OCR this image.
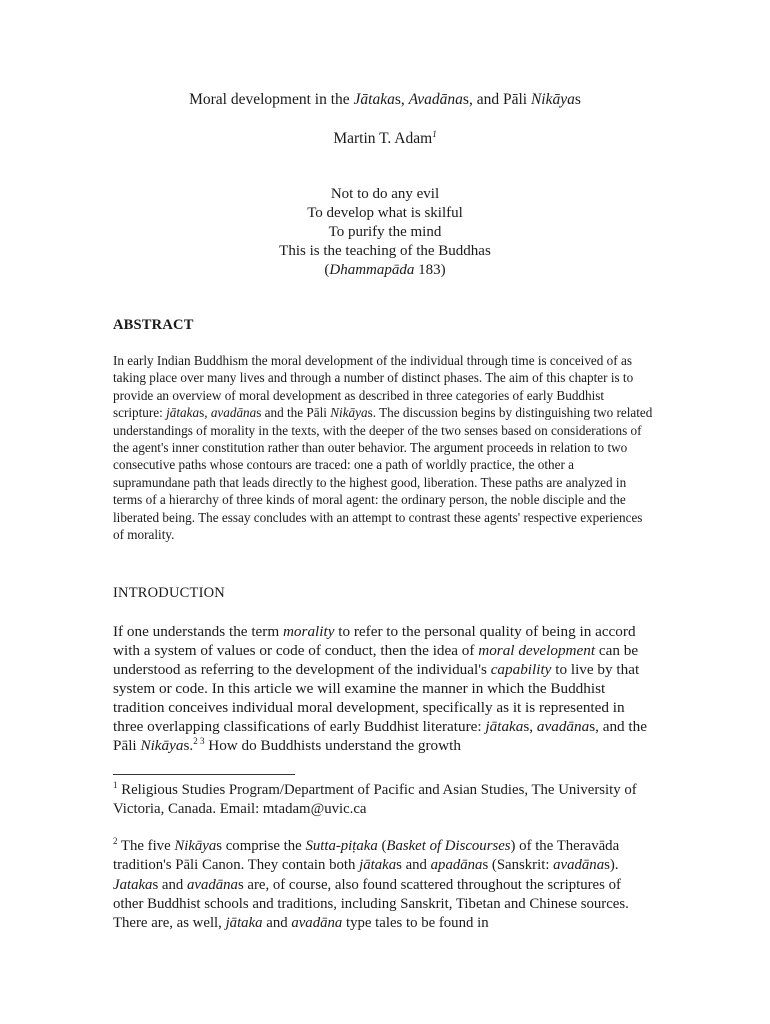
Moral development in the Jātakas, Avadānas, and Pāli Nikāyas
Martin T. Adam$^1$
Not to do any evil
To develop what is skilful
To purify the mind
This is the teaching of the Buddhas
(Dhammapāda 183)
ABSTRACT
In early Indian Buddhism the moral development of the individual through time is conceived of as taking place over many lives and through a number of distinct phases. The aim of this chapter is to provide an overview of moral development as described in three categories of early Buddhist scripture: jātakas, avadānas and the Pāli Nikāyas. The discussion begins by distinguishing two related understandings of morality in the texts, with the deeper of the two senses based on considerations of the agent's inner constitution rather than outer behavior. The argument proceeds in relation to two consecutive paths whose contours are traced: one a path of worldly practice, the other a supramundane path that leads directly to the highest good, liberation. These paths are analyzed in terms of a hierarchy of three kinds of moral agent: the ordinary person, the noble disciple and the liberated being. The essay concludes with an attempt to contrast these agents' respective experiences of morality.
INTRODUCTION
If one understands the term morality to refer to the personal quality of being in accord with a system of values or code of conduct, then the idea of moral development can be understood as referring to the development of the individual's capability to live by that system or code. In this article we will examine the manner in which the Buddhist tradition conceives individual moral development, specifically as it is represented in three overlapping classifications of early Buddhist literature: jātakas, avadānas, and the Pāli Nikāyas.$^{2 3}$ How do Buddhists understand the growth
$^1$ Religious Studies Program/Department of Pacific and Asian Studies, The University of Victoria, Canada. Email: mtadam@uvic.ca
$^2$ The five Nikāyas comprise the Sutta-piṭaka (Basket of Discourses) of the Theravāda tradition's Pāli Canon. They contain both jātakas and apadānas (Sanskrit: avadānas). Jatakas and avadānas are, of course, also found scattered throughout the scriptures of other Buddhist schools and traditions, including Sanskrit, Tibetan and Chinese sources. There are, as well, jātaka and avadāna type tales to be found in
